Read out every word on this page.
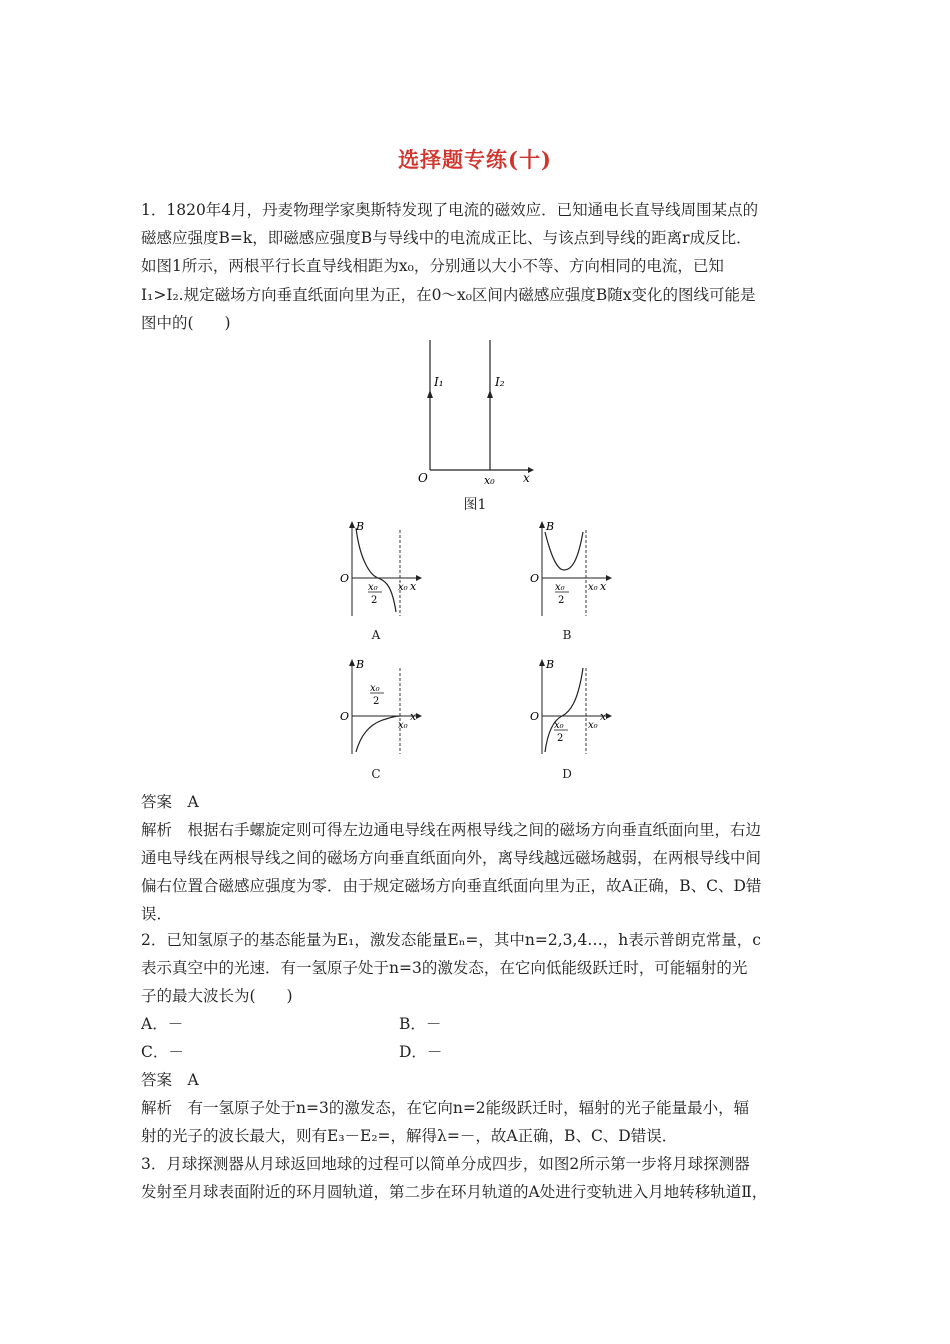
选择题专练(十)
1．1820年4月，丹麦物理学家奥斯特发现了电流的磁效应．已知通电长直导线周围某点的
磁感应强度B=k，即磁感应强度B与导线中的电流成正比、与该点到导线的距离r成反比．
如图1所示，两根平行长直导线相距为x₀，分别通以大小不等、方向相同的电流，已知
I₁>I₂.规定磁场方向垂直纸面向里为正，在0～x₀区间内磁感应强度B随x变化的图线可能是
图中的(　　)
I₁	I₂
O	x₀ x
图1
B
O
x₀
2
x₀ x
A
B
O
x₀
2
x₀ x
B
B
O
x₀
2
x₀
x
C
B
O
x₀
2
x₀
x
D
答案　A
解析　根据右手螺旋定则可得左边通电导线在两根导线之间的磁场方向垂直纸面向里，右边
通电导线在两根导线之间的磁场方向垂直纸面向外，离导线越远磁场越弱，在两根导线中间
偏右位置合磁感应强度为零．由于规定磁场方向垂直纸面向里为正，故A正确，B、C、D错
误．
2．已知氢原子的基态能量为E₁，激发态能量Eₙ=，其中n=2,3,4…，h表示普朗克常量，c
表示真空中的光速．有一氢原子处于n=3的激发态，在它向低能级跃迁时，可能辐射的光
子的最大波长为(　　)
A．－	B．－
C．－	D．－
答案　A
解析　有一氢原子处于n=3的激发态，在它向n=2能级跃迁时，辐射的光子能量最小，辐
射的光子的波长最大，则有E₃－E₂=，解得λ=－，故A正确，B、C、D错误．
3．月球探测器从月球返回地球的过程可以简单分成四步，如图2所示第一步将月球探测器
发射至月球表面附近的环月圆轨道，第二步在环月轨道的A处进行变轨进入月地转移轨道Ⅱ，
